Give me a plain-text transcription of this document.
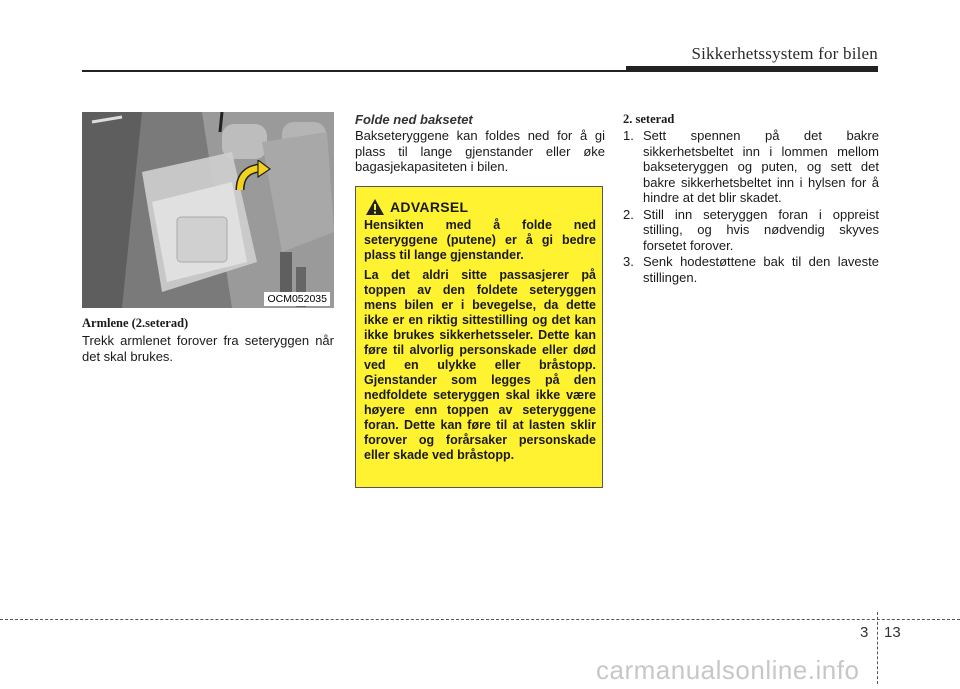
Sikkerhetssystem for bilen
OCM052035
Armlene (2.seterad)
Trekk armlenet forover fra seteryggen når det skal brukes.
Folde ned baksetet
Bakseteryggene kan foldes ned for å gi plass til lange gjenstander eller øke bagasjekapasiteten i bilen.
ADVARSEL

Hensikten med å folde ned seteryggene (putene) er å gi bedre plass til lange gjenstander.

La det aldri sitte passasjerer på toppen av den foldete seteryggen mens bilen er i bevegelse, da dette ikke er en riktig sittestilling og det kan ikke brukes sikkerhetsseler. Dette kan føre til alvorlig personskade eller død ved en ulykke eller bråstopp. Gjenstander som legges på den nedfoldete seteryggen skal ikke være høyere enn toppen av seteryggene foran. Dette kan føre til at lasten sklir forover og forårsaker personskade eller skade ved bråstopp.

2. seterad
1. Sett spennen på det bakre sikkerhetsbeltet inn i lommen mellom bakseteryggen og puten, og sett det bakre sikkerhetsbeltet inn i hylsen for å hindre at det blir skadet.
2. Still inn seteryggen foran i oppreist stilling, og hvis nødvendig skyves forsetet forover.
3. Senk hodestøttene bak til den laveste stillingen.
3 13
carmanualsonline.info
